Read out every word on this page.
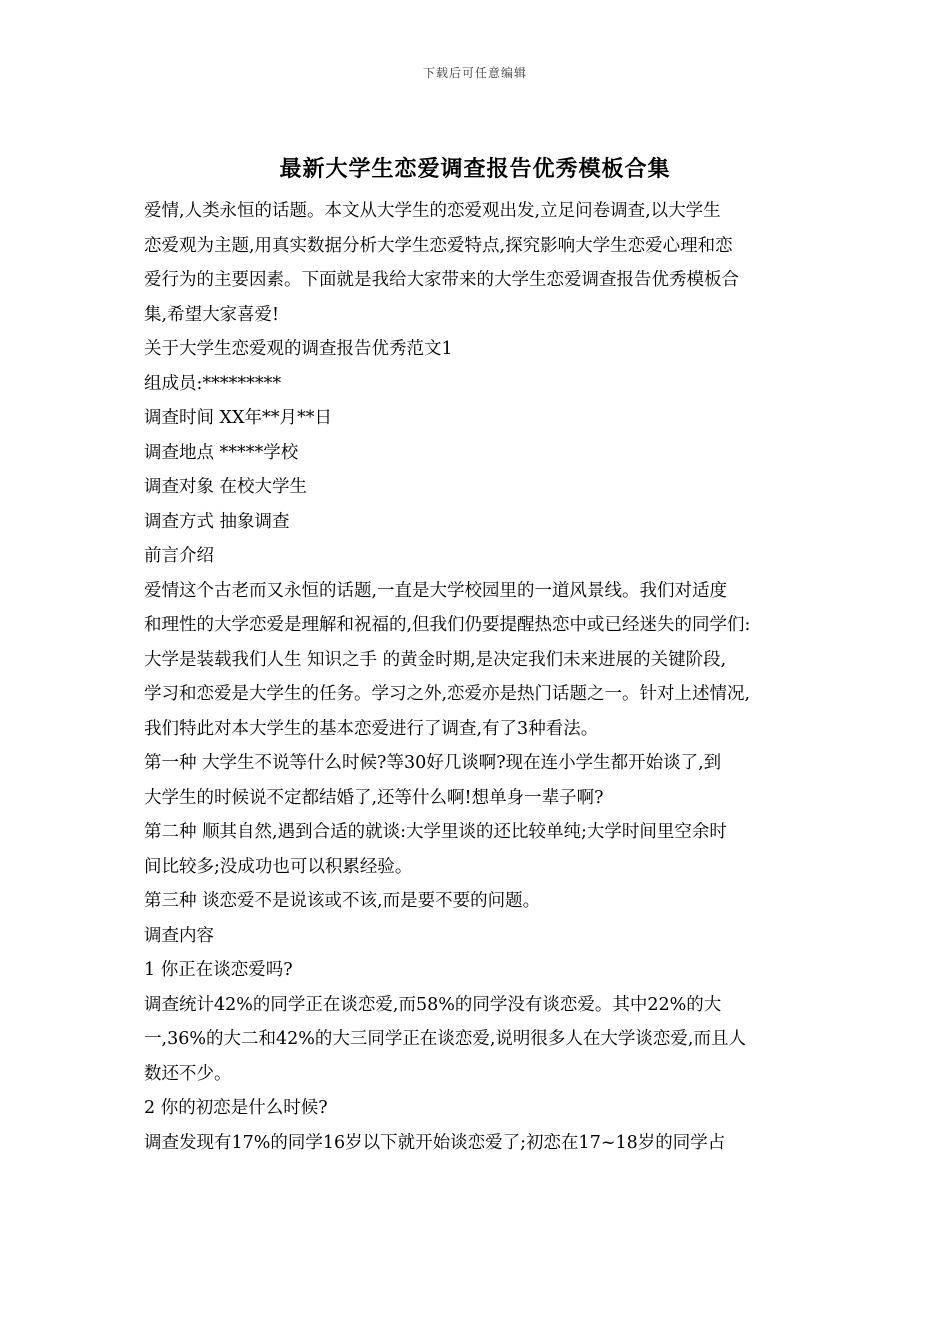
下载后可任意编辑
最新大学生恋爱调查报告优秀模板合集

爱情,人类永恒的话题。本文从大学生的恋爱观出发,立足问卷调查,以大学生
恋爱观为主题,用真实数据分析大学生恋爱特点,探究影响大学生恋爱心理和恋
爱行为的主要因素。下面就是我给大家带来的大学生恋爱调查报告优秀模板合
集,希望大家喜爱!

关于大学生恋爱观的调查报告优秀范文1

组成员:*********

调查时间 XX年**月**日

调查地点 *****学校

调查对象 在校大学生

调查方式 抽象调查

前言介绍

爱情这个古老而又永恒的话题,一直是大学校园里的一道风景线。我们对适度
和理性的大学恋爱是理解和祝福的,但我们仍要提醒热恋中或已经迷失的同学们:
大学是装载我们人生 知识之手 的黄金时期,是决定我们未来进展的关键阶段,
学习和恋爱是大学生的任务。学习之外,恋爱亦是热门话题之一。针对上述情况,
我们特此对本大学生的基本恋爱进行了调查,有了3种看法。

第一种 大学生不说等什么时候?等30好几谈啊?现在连小学生都开始谈了,到
大学生的时候说不定都结婚了,还等什么啊!想单身一辈子啊?

第二种 顺其自然,遇到合适的就谈:大学里谈的还比较单纯;大学时间里空余时
间比较多;没成功也可以积累经验。

第三种 谈恋爱不是说该或不该,而是要不要的问题。

调查内容

1 你正在谈恋爱吗?

调查统计42%的同学正在谈恋爱,而58%的同学没有谈恋爱。其中22%的大
一,36%的大二和42%的大三同学正在谈恋爱,说明很多人在大学谈恋爱,而且人
数还不少。

2 你的初恋是什么时候?

调查发现有17%的同学16岁以下就开始谈恋爱了;初恋在17~18岁的同学占
